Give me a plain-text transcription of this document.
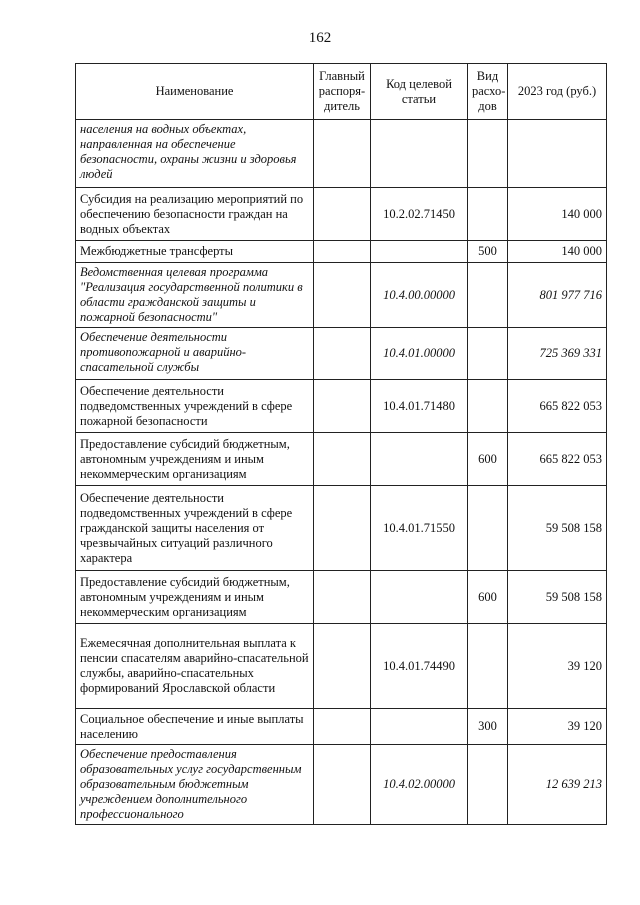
162
Наименование	Главный распоря-дитель	Код целевой статьи	Вид расхо-дов	2023 год (руб.)
населения на водных объектах, направленная на обеспечение безопасности, охраны жизни и здоровья людей				
Субсидия на реализацию мероприятий по обеспечению безопасности граждан на водных объектах		10.2.02.71450		140 000
Межбюджетные трансферты			500	140 000
Ведомственная целевая программа "Реализация государственной политики в области гражданской защиты и пожарной безопасности"		10.4.00.00000		801 977 716
Обеспечение деятельности противопожарной и аварийно-спасательной службы		10.4.01.00000		725 369 331
Обеспечение деятельности подведомственных учреждений в сфере пожарной безопасности		10.4.01.71480		665 822 053
Предоставление субсидий бюджетным, автономным учреждениям и иным некоммерческим организациям			600	665 822 053
Обеспечение деятельности подведомственных учреждений в сфере гражданской защиты населения от чрезвычайных ситуаций различного характера		10.4.01.71550		59 508 158
Предоставление субсидий бюджетным, автономным учреждениям и иным некоммерческим организациям			600	59 508 158
Ежемесячная дополнительная выплата к пенсии спасателям аварийно-спасательной службы, аварийно-спасательных формирований Ярославской области		10.4.01.74490		39 120
Социальное обеспечение и иные выплаты населению			300	39 120
Обеспечение предоставления образовательных услуг государственным образовательным бюджетным учреждением дополнительного профессионального		10.4.02.00000		12 639 213
